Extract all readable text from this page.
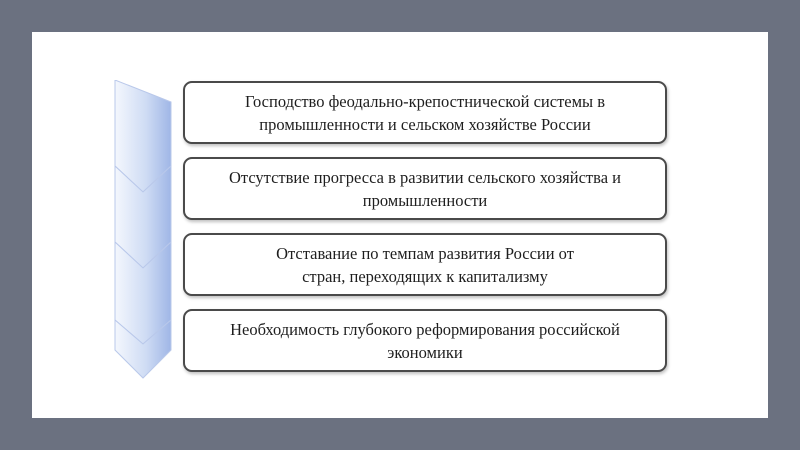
Господство феодально-крепостнической системы в
промышленности и сельском хозяйстве России
Отсутствие прогресса в развитии сельского хозяйства и
промышленности
Отставание по темпам развития России от
стран, переходящих к капитализму
Необходимость глубокого реформирования российской
экономики
